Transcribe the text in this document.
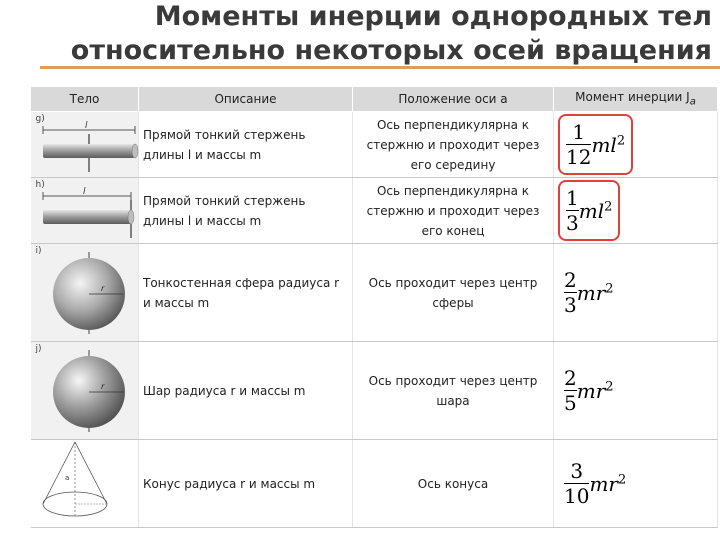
Моменты инерции однородных тел
относительно некоторых осей вращения
Тело	Описание	Положение оси a	Момент инерции $J_a$

g)
l	Прямой тонкий стержень длины l и массы m	Ось перпендикулярна к стержню и проходит через его середину	$\frac{1}{12} ml^2$

h)
l	Прямой тонкий стержень длины l и массы m	Ось перпендикулярна к стержню и проходит через его конец	$\frac{1}{3} ml^2$

i)
r	Тонкостенная сфера радиуса r и массы m	Ось проходит через центр сферы	$\frac{2}{3} mr^2$

j)
r	Шар радиуса r и массы m	Ось проходит через центр шара	$\frac{2}{5} mr^2$

a	Конус радиуса r и массы m	Ось конуса	$\frac{3}{10} mr^2$
